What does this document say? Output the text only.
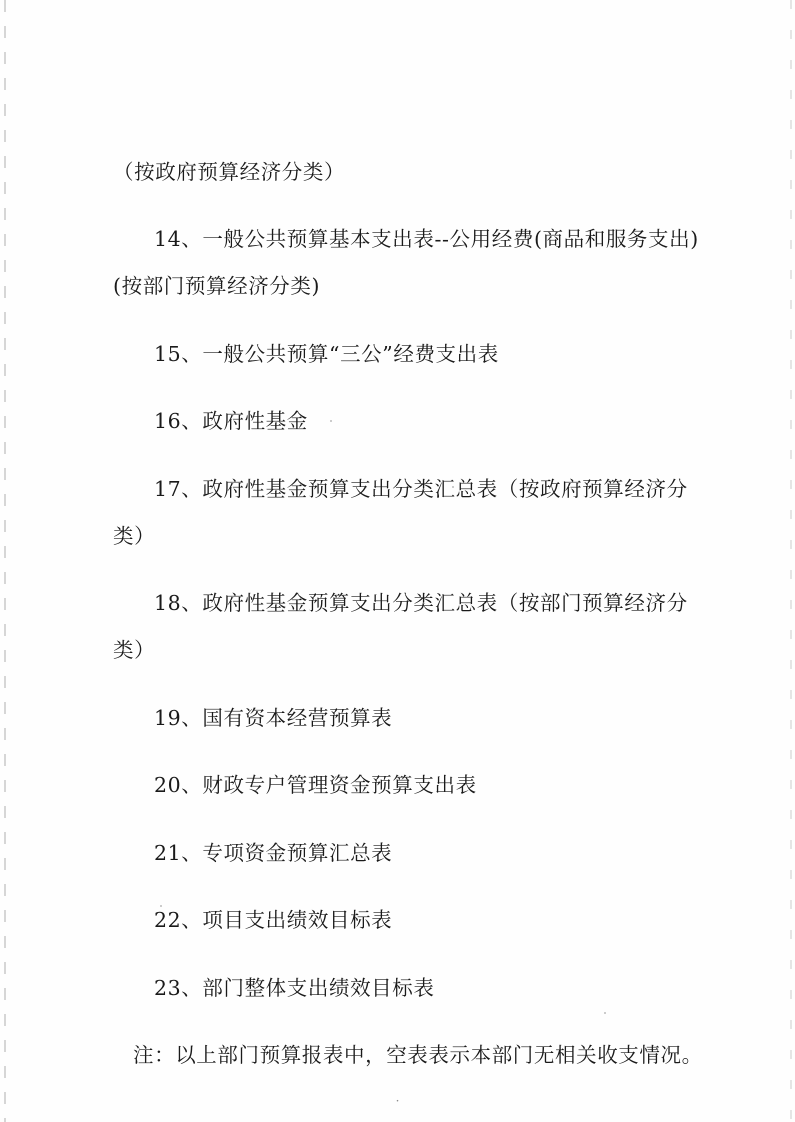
（按政府预算经济分类）

14、一般公共预算基本支出表--公用经费(商品和服务支出)(按部门预算经济分类)

15、一般公共预算“三公”经费支出表

16、政府性基金

17、政府性基金预算支出分类汇总表（按政府预算经济分类）

18、政府性基金预算支出分类汇总表（按部门预算经济分类）

19、国有资本经营预算表

20、财政专户管理资金预算支出表

21、专项资金预算汇总表

22、项目支出绩效目标表

23、部门整体支出绩效目标表

注：以上部门预算报表中，空表表示本部门无相关收支情况。

·
